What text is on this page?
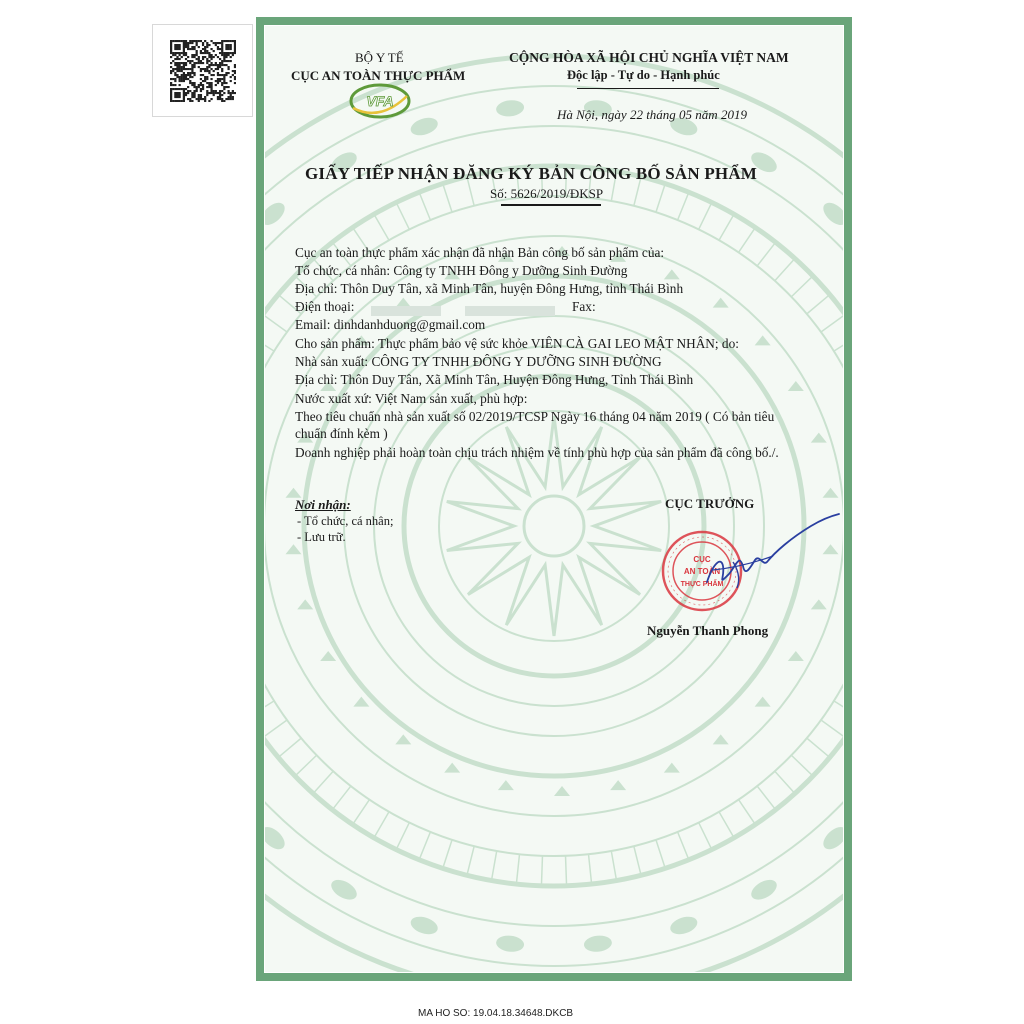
BỘ Y TẾ
CỤC AN TOÀN THỰC PHẨM
VFA
CỘNG HÒA XÃ HỘI CHỦ NGHĨA VIỆT NAM
Độc lập - Tự do - Hạnh phúc
Hà Nội, ngày 22 tháng 05 năm 2019
GIẤY TIẾP NHẬN ĐĂNG KÝ BẢN CÔNG BỐ SẢN PHẨM
Số: 5626/2019/ĐKSP
Cục an toàn thực phẩm xác nhận đã nhận Bản công bố sản phẩm của:
Tổ chức, cá nhân: Công ty TNHH Đông y Dưỡng Sinh Đường
Địa chỉ: Thôn Duy Tân, xã Minh Tân, huyện Đông Hưng, tỉnh Thái Bình
Điện thoại:	Fax:
Email: dinhdanhduong@gmail.com
Cho sản phẩm: Thực phẩm bảo vệ sức khỏe VIÊN CÀ GAI LEO MẬT NHÂN; do:
Nhà sản xuất: CÔNG TY TNHH ĐÔNG Y DƯỠNG SINH ĐƯỜNG
Địa chỉ: Thôn Duy Tân, Xã Minh Tân, Huyện Đông Hưng, Tỉnh Thái Bình
Nước xuất xứ: Việt Nam sản xuất, phù hợp:
Theo tiêu chuẩn nhà sản xuất số 02/2019/TCSP Ngày 16 tháng 04 năm 2019 ( Có bản tiêu
chuẩn đính kèm )
Doanh nghiệp phải hoàn toàn chịu trách nhiệm về tính phù hợp của sản phẩm đã công bố./.
Nơi nhận:
- Tổ chức, cá nhân;
- Lưu trữ.
CỤC TRƯỞNG
CỤC
AN TOÀN
THỰC PHẨM
Nguyễn Thanh Phong
MA HO SO: 19.04.18.34648.DKCB
